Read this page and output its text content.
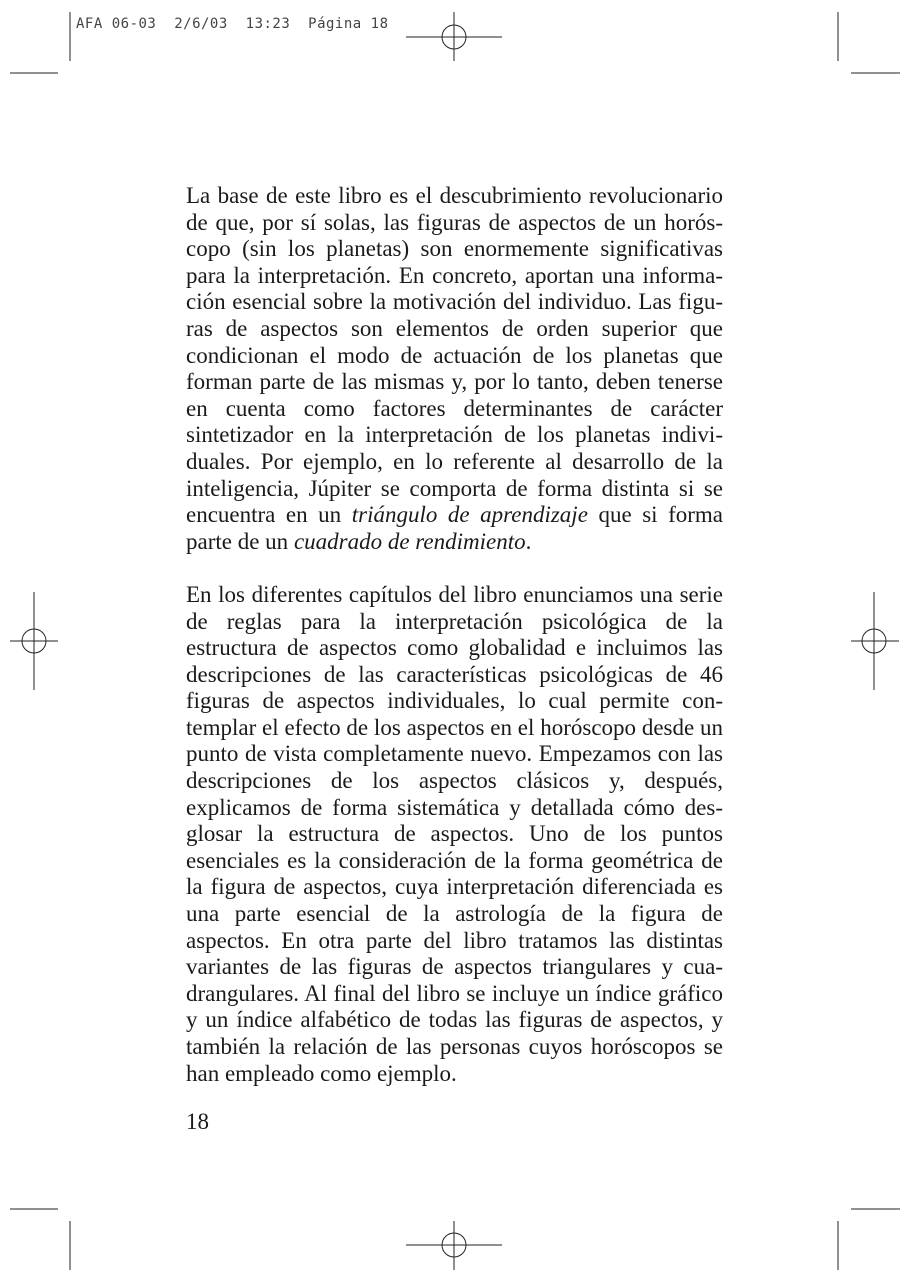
AFA 06-03  2/6/03  13:23  Página 18

La base de este libro es el descubrimiento revolucionario de que, por sí solas, las figuras de aspectos de un horóscopo (sin los planetas) son enormemente significativas para la interpretación. En concreto, aportan una información esencial sobre la motivación del individuo. Las figuras de aspectos son elementos de orden superior que condicionan el modo de actuación de los planetas que forman parte de las mismas y, por lo tanto, deben tenerse en cuenta como factores determinantes de carácter sintetizador en la interpretación de los planetas individuales. Por ejemplo, en lo referente al desarrollo de la inteligencia, Júpiter se comporta de forma distinta si se encuentra en un triángulo de aprendizaje que si forma parte de un cuadrado de rendimiento.

En los diferentes capítulos del libro enunciamos una serie de reglas para la interpretación psicológica de la estructura de aspectos como globalidad e incluimos las descripciones de las características psicológicas de 46 figuras de aspectos individuales, lo cual permite contemplar el efecto de los aspectos en el horóscopo desde un punto de vista completamente nuevo. Empezamos con las descripciones de los aspectos clásicos y, después, explicamos de forma sistemática y detallada cómo desglosar la estructura de aspectos. Uno de los puntos esenciales es la consideración de la forma geométrica de la figura de aspectos, cuya interpretación diferenciada es una parte esencial de la astrología de la figura de aspectos. En otra parte del libro tratamos las distintas variantes de las figuras de aspectos triangulares y cuadrangulares. Al final del libro se incluye un índice gráfico y un índice alfabético de todas las figuras de aspectos, y también la relación de las personas cuyos horóscopos se han empleado como ejemplo.

18
